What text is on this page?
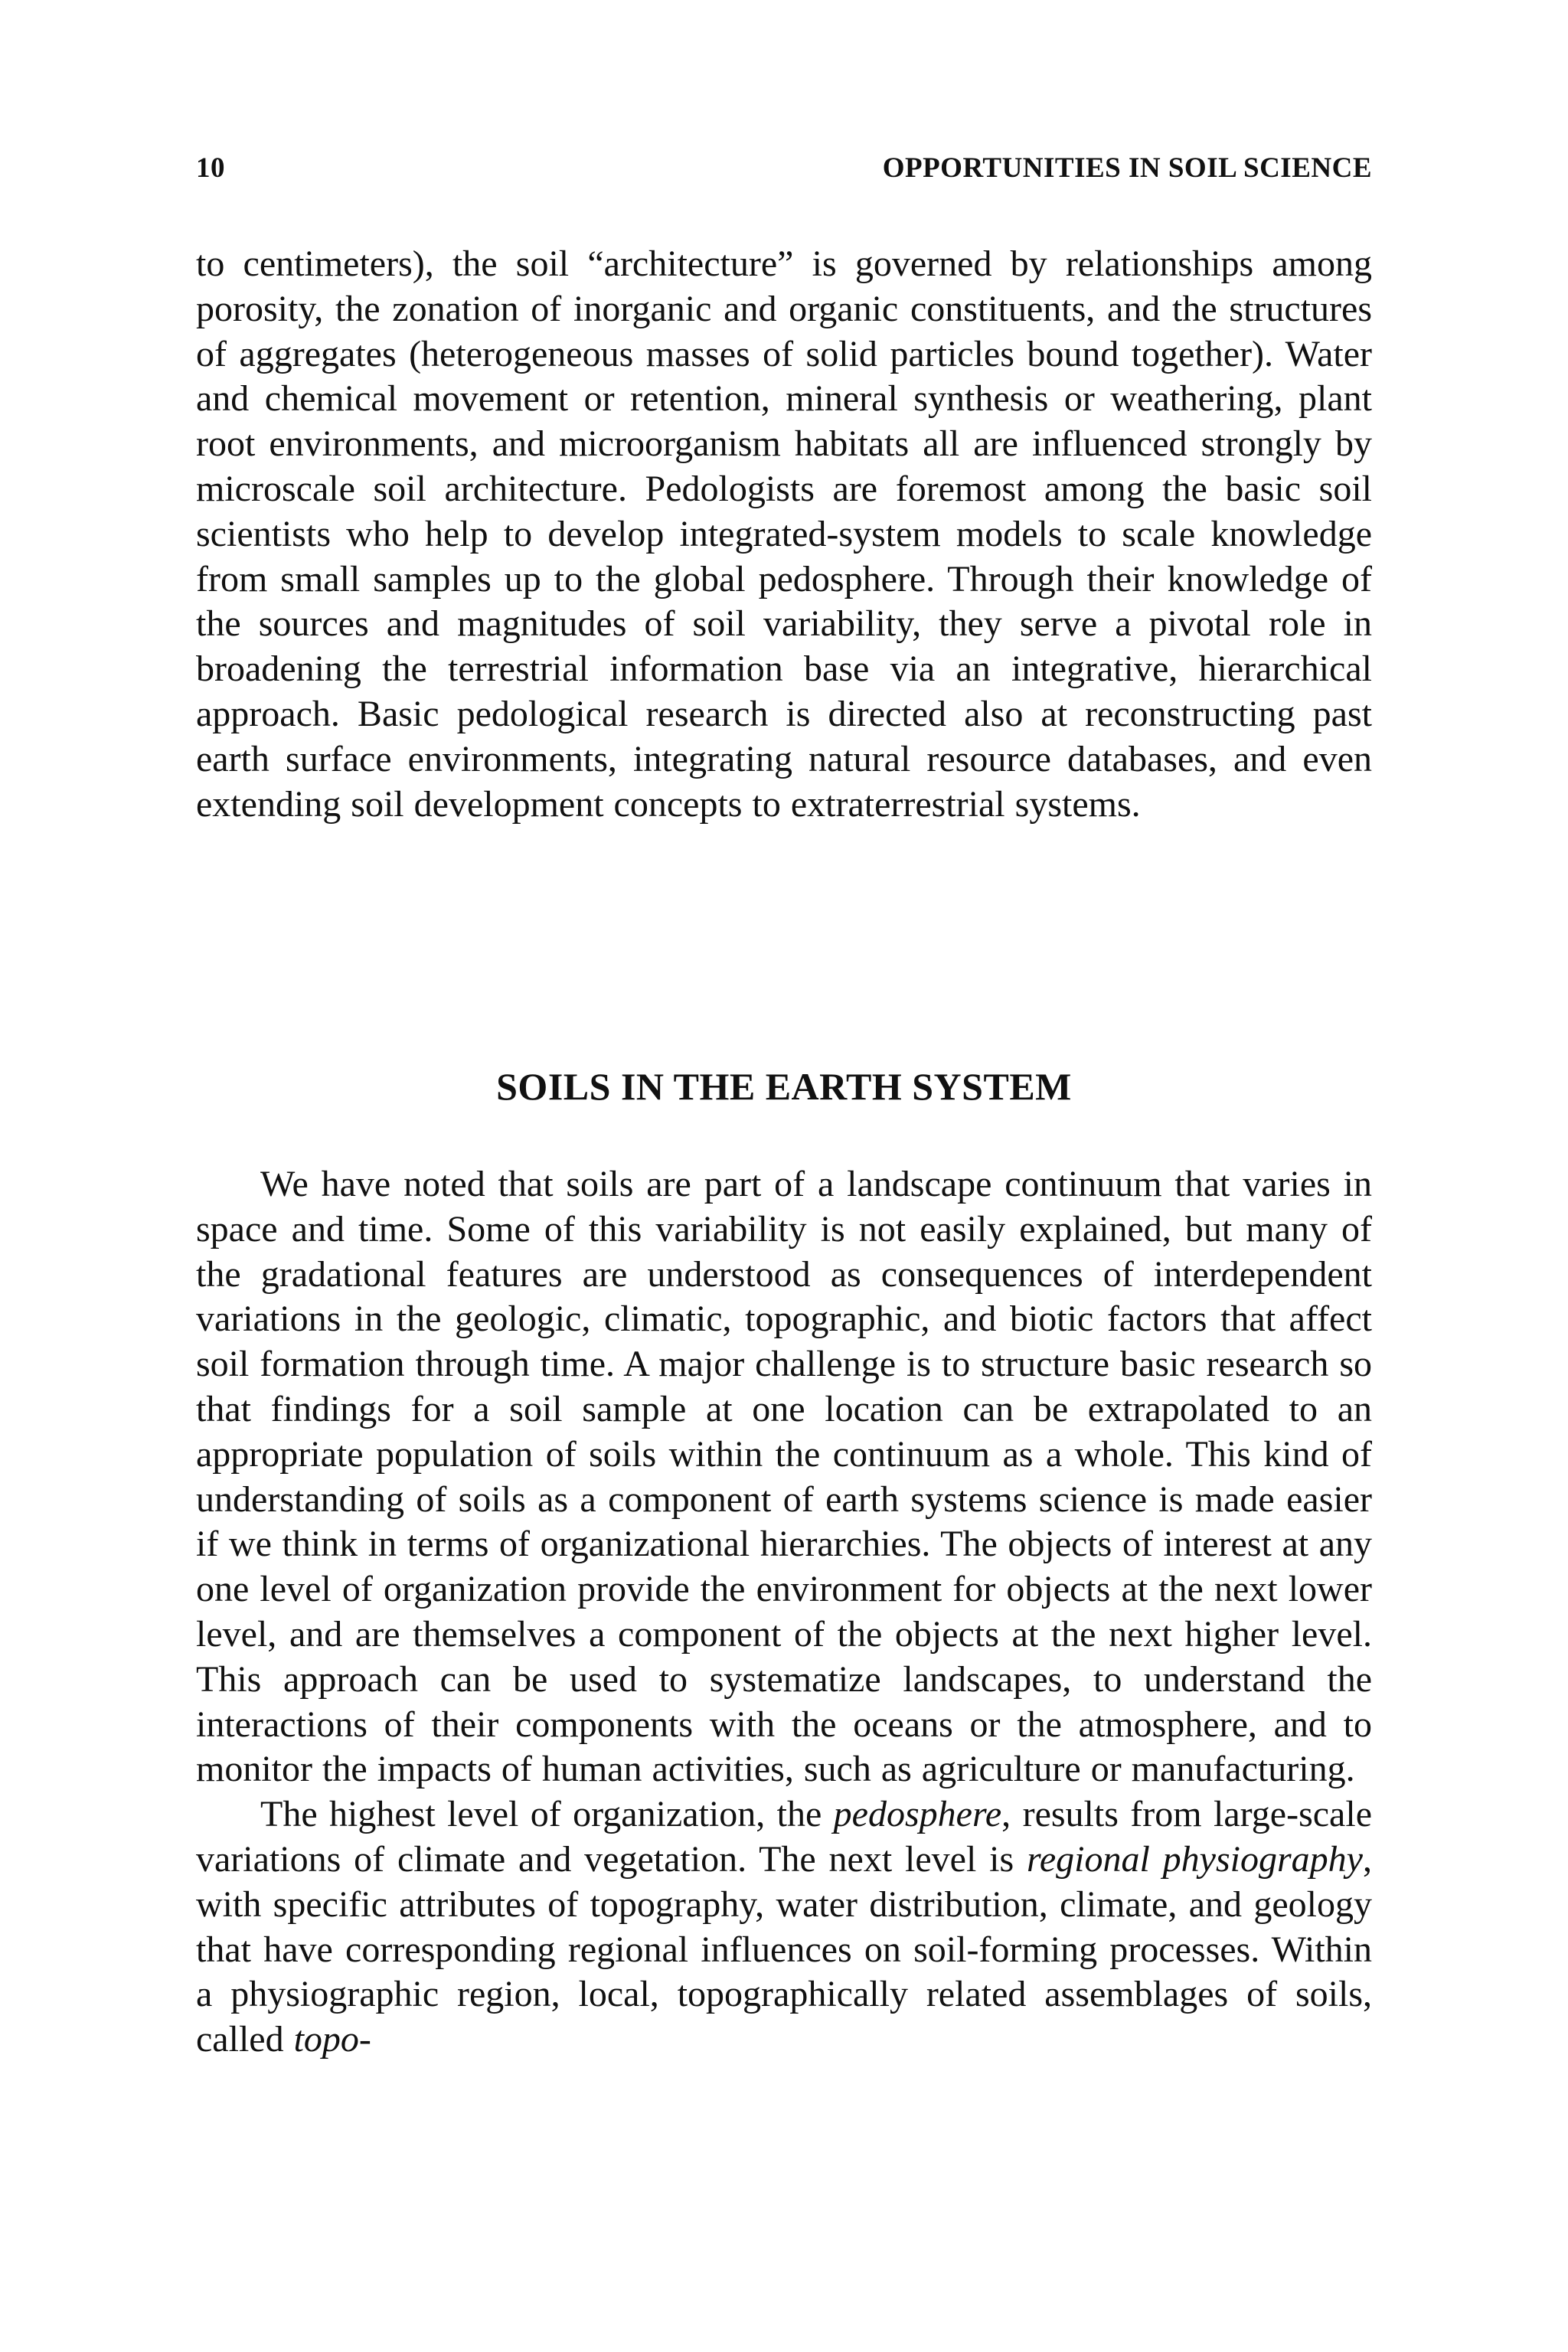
10	OPPORTUNITIES IN SOIL SCIENCE

to centimeters), the soil “architecture” is governed by relationships among porosity, the zonation of inorganic and organic constituents, and the structures of aggregates (heterogeneous masses of solid particles bound together). Water and chemical movement or retention, mineral synthesis or weathering, plant root environments, and microorganism habitats all are influenced strongly by microscale soil architecture. Pedologists are foremost among the basic soil scientists who help to develop integrated-system models to scale knowledge from small samples up to the global pedosphere. Through their knowledge of the sources and magnitudes of soil variability, they serve a pivotal role in broadening the terrestrial information base via an integrative, hierarchical approach. Basic pedological research is directed also at reconstructing past earth surface environments, integrating natural resource databases, and even extending soil development concepts to extraterrestrial systems.

SOILS IN THE EARTH SYSTEM

We have noted that soils are part of a landscape continuum that varies in space and time. Some of this variability is not easily explained, but many of the gradational features are understood as consequences of interdependent variations in the geologic, climatic, topographic, and biotic factors that affect soil formation through time. A major challenge is to structure basic research so that findings for a soil sample at one location can be extrapolated to an appropriate population of soils within the continuum as a whole. This kind of understanding of soils as a component of earth systems science is made easier if we think in terms of organizational hierarchies. The objects of interest at any one level of organization provide the environment for objects at the next lower level, and are themselves a component of the objects at the next higher level. This approach can be used to systematize landscapes, to understand the interactions of their components with the oceans or the atmosphere, and to monitor the impacts of human activities, such as agriculture or manufacturing.

The highest level of organization, the pedosphere, results from large-scale variations of climate and vegetation. The next level is regional physiography, with specific attributes of topography, water distribution, climate, and geology that have corresponding regional influences on soil-forming processes. Within a physiographic region, local, topographically related assemblages of soils, called topo-
